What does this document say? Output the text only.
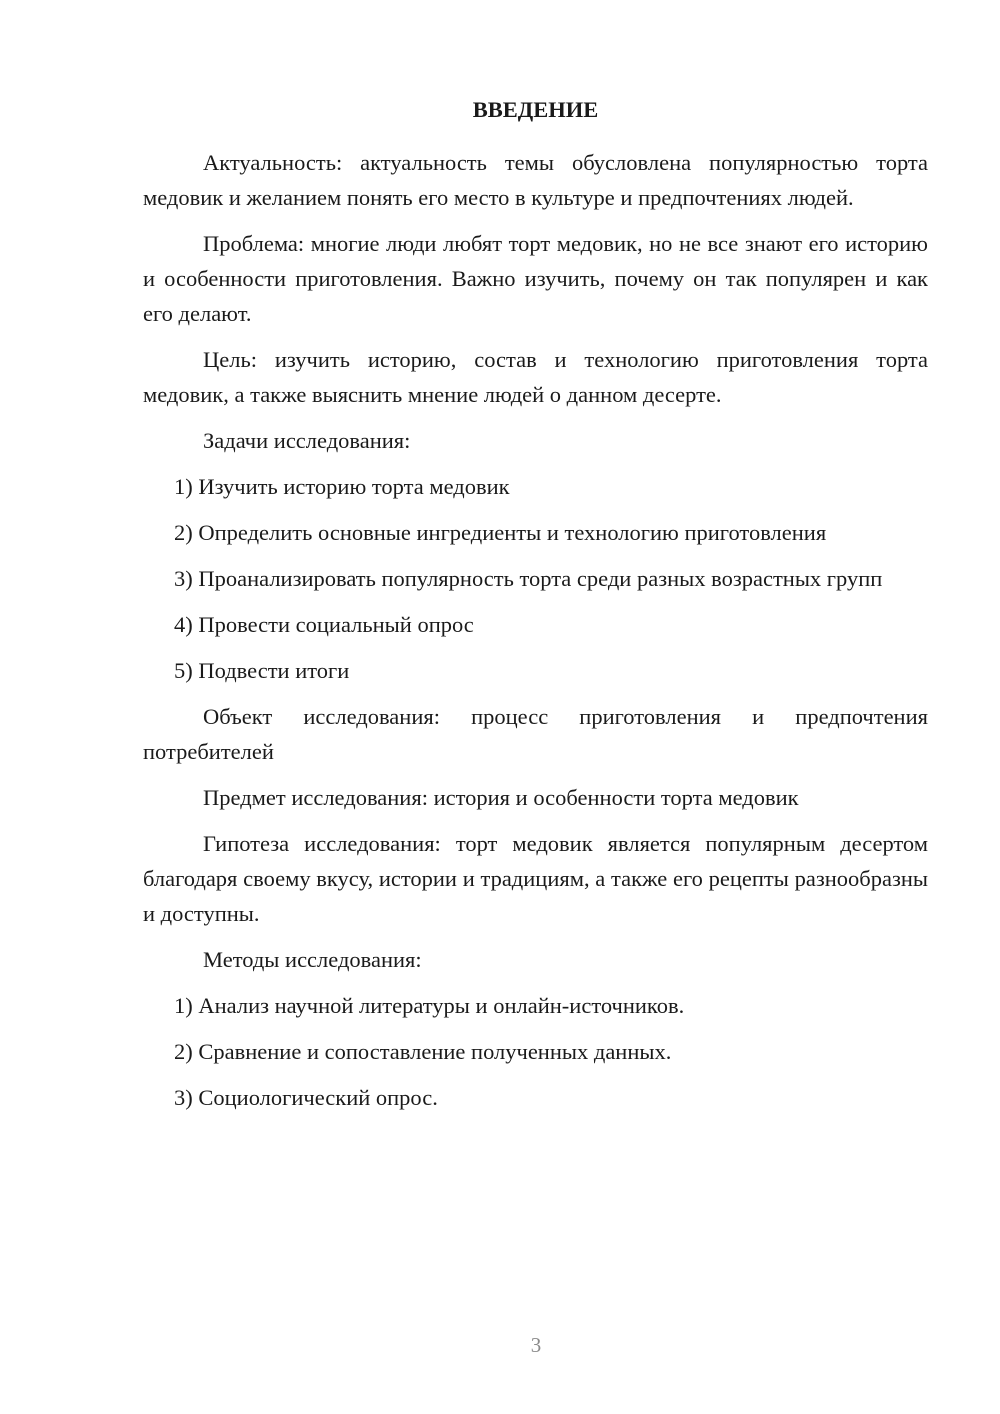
ВВЕДЕНИЕ

Актуальность: актуальность темы обусловлена популярностью торта медовик и желанием понять его место в культуре и предпочтениях людей.

Проблема: многие люди любят торт медовик, но не все знают его историю и особенности приготовления. Важно изучить, почему он так популярен и как его делают.

Цель: изучить историю, состав и технологию приготовления торта медовик, а также выяснить мнение людей о данном десерте.

Задачи исследования:

1) Изучить историю торта медовик

2) Определить основные ингредиенты и технологию приготовления

3) Проанализировать популярность торта среди разных возрастных групп

4) Провести социальный опрос

5) Подвести итоги

Объект исследования: процесс приготовления и предпочтения потребителей

Предмет исследования: история и особенности торта медовик

Гипотеза исследования: торт медовик является популярным десертом благодаря своему вкусу, истории и традициям, а также его рецепты разнообразны и доступны.

Методы исследования:

1) Анализ научной литературы и онлайн-источников.

2) Сравнение и сопоставление полученных данных.

3) Социологический опрос.

3
